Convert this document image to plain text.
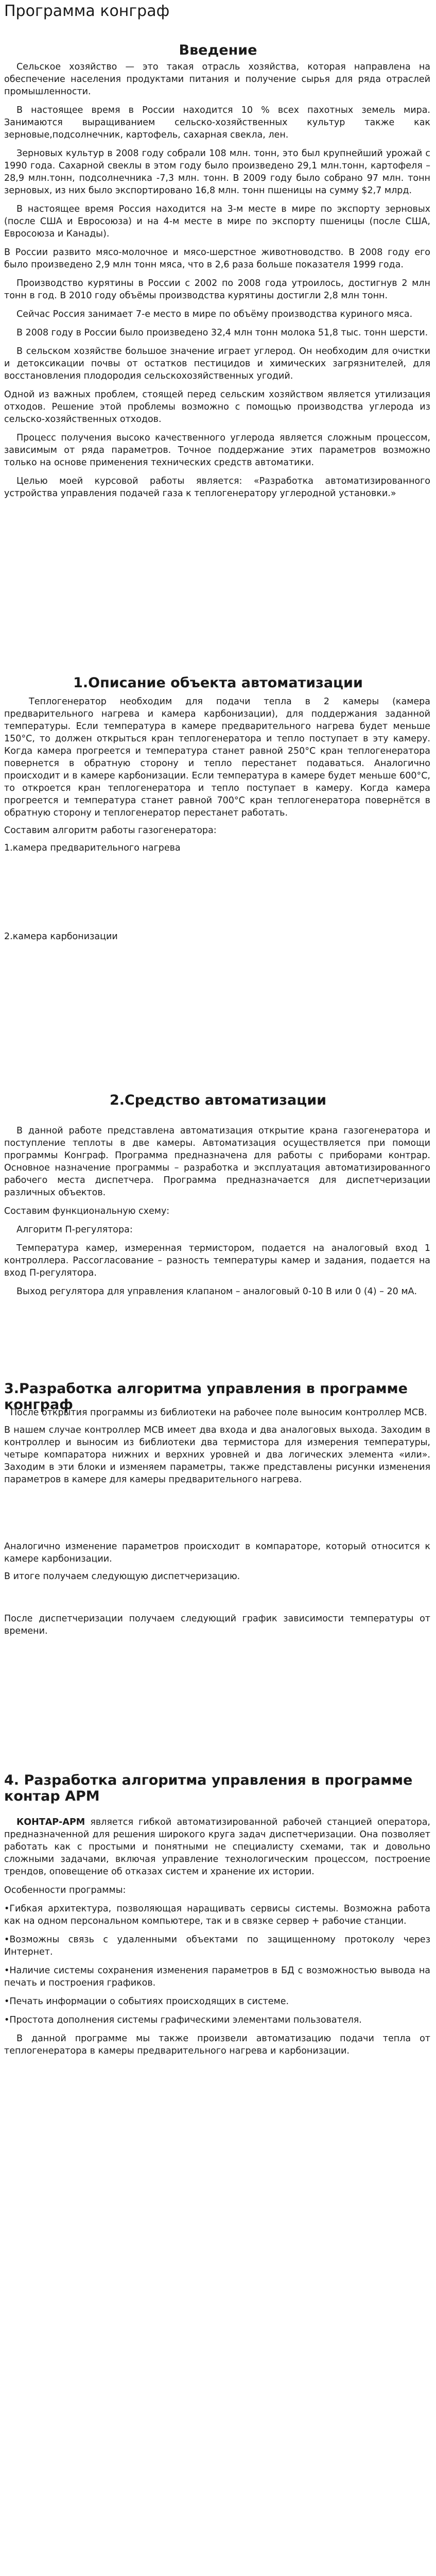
Программа конграф
Введение

Сельское хозяйство — это такая отрасль хозяйства, которая направлена на обеспечение населения продуктами питания и получение сырья для ряда отраслей промышленности.

В настоящее время в России находится 10 % всех пахотных земель мира. Занимаются выращиванием сельско-хозяйственных культур также как зерновые,подсолнечник, картофель, сахарная свекла, лен.

Зерновых культур в 2008 году собрали 108 млн. тонн, это был крупнейший урожай с 1990 года. Сахарной свеклы в этом году было произведено 29,1 млн.тонн, картофеля – 28,9 млн.тонн, подсолнечника -7,3 млн. тонн. В 2009 году было собрано 97 млн. тонн зерновых, из них было экспортировано 16,8 млн. тонн пшеницы на сумму $2,7 млрд.

В настоящее время Россия находится на 3-м месте в мире по экспорту зерновых (после США и Евросоюза) и на 4-м месте в мире по экспорту пшеницы (после США, Евросоюза и Канады).

В России развито мясо-молочное и мясо-шерстное животноводство. В 2008 году его было произведено 2,9 млн тонн мяса, что в 2,6 раза больше показателя 1999 года.

Производство курятины в России с 2002 по 2008 года утроилось, достигнув 2 млн тонн в год. В 2010 году объёмы производства курятины достигли 2,8 млн тонн.

Сейчас Россия занимает 7-е место в мире по объёму производства куриного мяса.

В 2008 году в России было произведено 32,4 млн тонн молока 51,8 тыс. тонн шерсти.

В сельском хозяйстве большое значение играет углерод. Он необходим для очистки и детоксикации почвы от остатков пестицидов и химических загрязнителей, для восстановления плодородия сельскохозяйственных угодий.

Одной из важных проблем, стоящей перед сельским хозяйством является утилизация отходов. Решение этой проблемы возможно с помощью производства углерода из сельско-хозяйственных отходов.

Процесс получения высоко качественного углерода является сложным процессом, зависимым от ряда параметров. Точное поддержание этих параметров возможно только на основе применения технических средств автоматики.

Целью моей курсовой работы является: «Разработка автоматизированного устройства управления подачей газа к теплогенератору углеродной установки.»

1.Описание объекта автоматизации

Теплогенератор необходим для подачи тепла в 2 камеры (камера предварительного нагрева и камера карбонизации), для поддержания заданной температуры. Если температура в камере предварительного нагрева будет меньше 150°C, то должен открыться кран теплогенератора и тепло поступает в эту камеру. Когда камера прогреется и температура станет равной 250°C кран теплогенератора повернется в обратную сторону и тепло перестанет подаваться. Аналогично происходит и в камере карбонизации. Если температура в камере будет меньше 600°C, то откроется кран теплогенератора и тепло поступает в камеру. Когда камера прогреется и температура станет равной 700°C кран теплогенератора повернётся в обратную сторону и теплогенератор перестанет работать.

Составим алгоритм работы газогенератора:

1.камера предварительного нагрева

2.камера карбонизации

2.Средство автоматизации

В данной работе представлена автоматизация открытие крана газогенератора и поступление теплоты в две камеры. Автоматизация осуществляется при помощи программы Конграф. Программа предназначена для работы с приборами контрар. Основное назначение программы – разработка и эксплуатация автоматизированного рабочего места диспетчера. Программа предназначается для диспетчеризации различных объектов.

Составим функциональную схему:

Алгоритм П-регулятора:

Температура камер, измеренная термистором, подается на аналоговый вход 1 контроллера. Рассогласование – разность температуры камер и задания, подается на вход П-регулятора.

Выход регулятора для управления клапаном – аналоговый 0-10 В или 0 (4) – 20 мА.

3.Разработка алгоритма управления в программе конграф

После открытия программы из библиотеки на рабочее поле выносим контроллер МСВ.

В нашем случае контроллер МСВ имеет два входа и два аналоговых выхода. Заходим в контроллер и выносим из библиотеки два термистора для измерения температуры, четыре компаратора нижних и верхних уровней и два логических элемента «или». Заходим в эти блоки и изменяем параметры, также представлены рисунки изменения параметров в камере для камеры предварительного нагрева.

Аналогично изменение параметров происходит в компараторе, который относится к камере карбонизации.

В итоге получаем следующую диспетчеризацию.

После диспетчеризации получаем следующий график зависимости температуры от времени.

4. Разработка алгоритма управления в программе контар АРМ

КОНТАР-АРМ является гибкой автоматизированной рабочей станцией оператора, предназначенной для решения широкого круга задач диспетчеризации. Она позволяет работать как с простыми и понятными не специалисту схемами, так и довольно сложными задачами, включая управление технологическим процессом, построение трендов, оповещение об отказах систем и хранение их истории.

Особенности программы:

•Гибкая архитектура, позволяющая наращивать сервисы системы. Возможна работа как на одном персональном компьютере, так и в связке сервер + рабочие станции.

•Возможны связь с удаленными объектами по защищенному протоколу через Интернет.

•Наличие системы сохранения изменения параметров в БД с возможностью вывода на печать и построения графиков.

•Печать информации о событиях происходящих в системе.

•Простота дополнения системы графическими элементами пользователя.

В данной программе мы также произвели автоматизацию подачи тепла от теплогенератора в камеры предварительного нагрева и карбонизации.
